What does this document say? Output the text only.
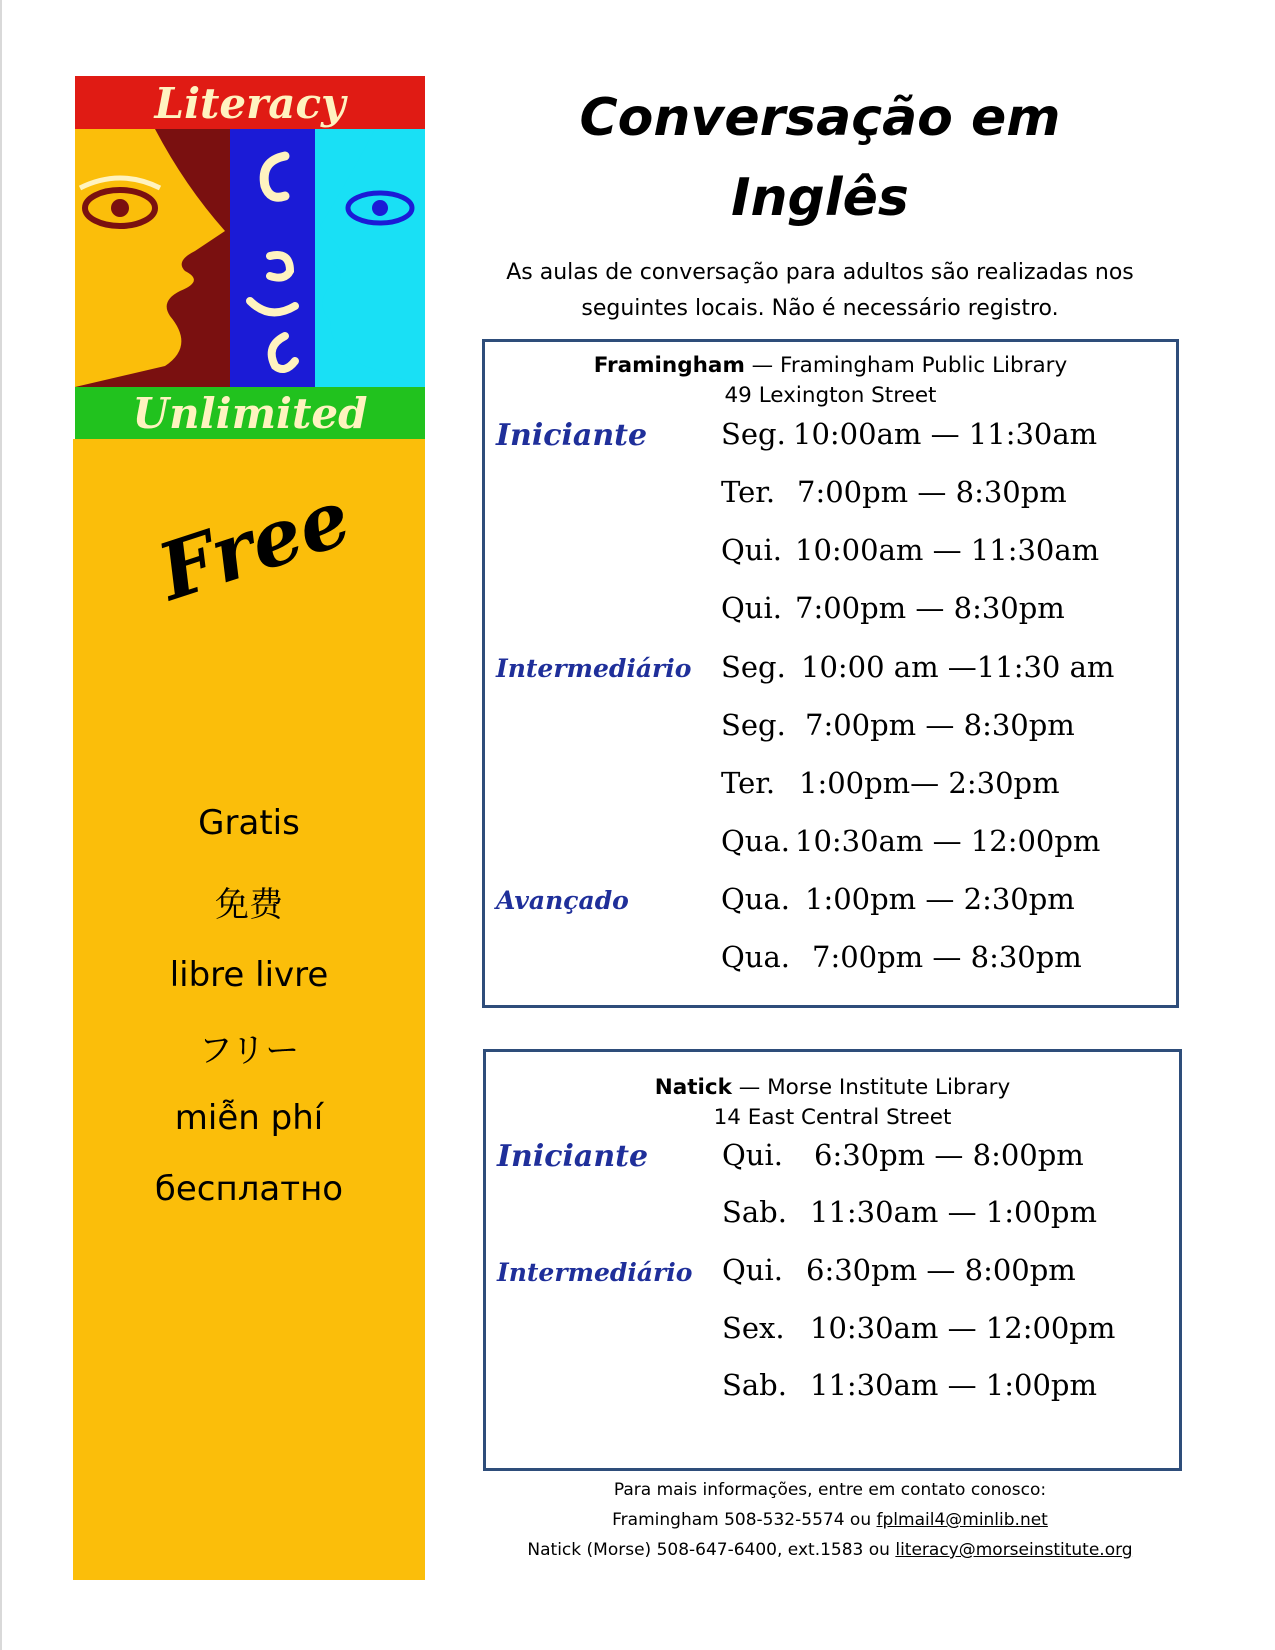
Literacy
Unlimited
Free
Gratis
免费
libre livre
フリー
miễn phí
бесплатно
Conversação em
Inglês
As aulas de conversação para adultos são realizadas nos
seguintes locais. Não é necessário registro.
Framingham — Framingham Public Library
49 Lexington Street
Iniciante	Seg. 10:00am — 11:30am
Ter. 7:00pm — 8:30pm
Qui. 10:00am — 11:30am
Qui. 7:00pm — 8:30pm
Intermediário Seg. 10:00 am —11:30 am
Seg. 7:00pm — 8:30pm
Ter. 1:00pm— 2:30pm
Qua. 10:30am — 12:00pm
Avançado	Qua. 1:00pm — 2:30pm
Qua. 7:00pm — 8:30pm
Natick — Morse Institute Library
14 East Central Street
Iniciante	Qui. 6:30pm — 8:00pm
Sab. 11:30am — 1:00pm
Intermediário Qui. 6:30pm — 8:00pm
Sex. 10:30am — 12:00pm
Sab. 11:30am — 1:00pm
Para mais informações, entre em contato conosco:
Framingham 508-532-5574 ou fplmail4@minlib.net
Natick (Morse) 508-647-6400, ext.1583 ou literacy@morseinstitute.org
